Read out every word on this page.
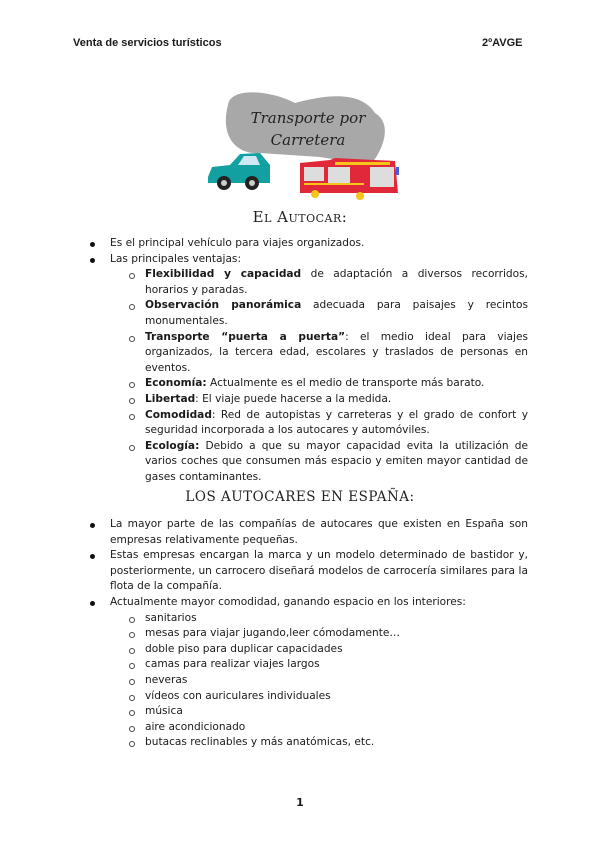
Venta de servicios turísticos	2ºAVGE
Transporte por
Carretera
El Autocar:
Es el principal vehículo para viajes organizados.
Las principales ventajas:
Flexibilidad y capacidad de adaptación a diversos recorridos, horarios y paradas.
Observación panorámica adecuada para paisajes y recintos monumentales.
Transporte “puerta a puerta”: el medio ideal para viajes organizados, la tercera edad, escolares y traslados de personas en eventos.
Economía: Actualmente es el medio de transporte más barato.
Libertad: El viaje puede hacerse a la medida.
Comodidad: Red de autopistas y carreteras y el grado de confort y seguridad incorporada a los autocares y automóviles.
Ecología: Debido a que su mayor capacidad evita la utilización de varios coches que consumen más espacio y emiten mayor cantidad de gases contaminantes.
LOS AUTOCARES EN ESPAÑA:
La mayor parte de las compañías de autocares que existen en España son empresas relativamente pequeñas.
Estas empresas encargan la marca y un modelo determinado de bastidor y, posteriormente, un carrocero diseñará modelos de carrocería similares para la flota de la compañía.
Actualmente mayor comodidad, ganando espacio en los interiores:
sanitarios
mesas para viajar jugando,leer cómodamente…
doble piso para duplicar capacidades
camas para realizar viajes largos
neveras
vídeos con auriculares individuales
música
aire acondicionado
butacas reclinables y más anatómicas, etc.
1
